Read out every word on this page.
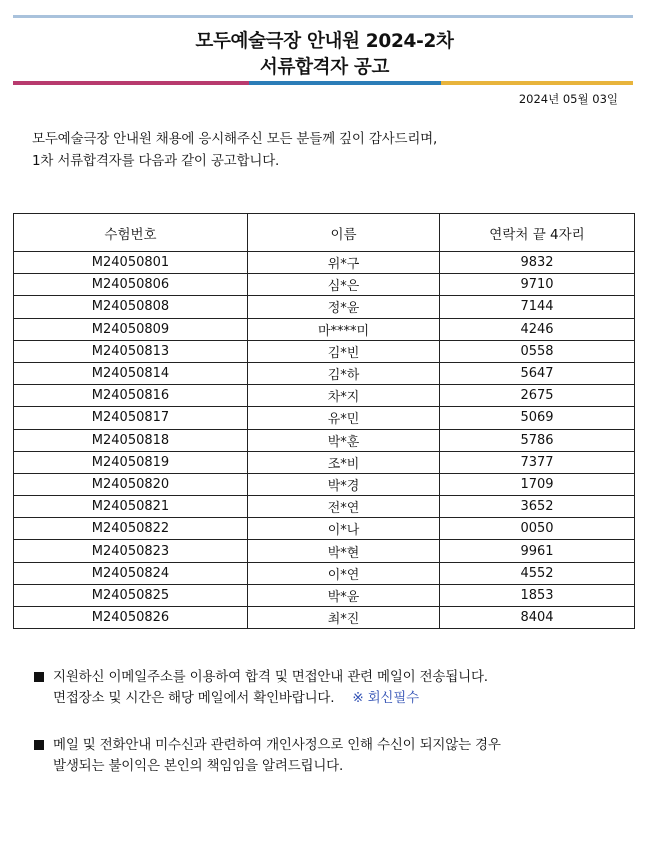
모두예술극장 안내원 2024-2차
서류합격자 공고
2024년 05월 03일
모두예술극장 안내원 채용에 응시해주신 모든 분들께 깊이 감사드리며,
1차 서류합격자를 다음과 같이 공고합니다.
수험번호	이름	연락처 끝 4자리
M24050801	위*구	9832
M24050806	심*은	9710
M24050808	정*윤	7144
M24050809	마****미	4246
M24050813	김*빈	0558
M24050814	김*하	5647
M24050816	차*지	2675
M24050817	유*민	5069
M24050818	박*훈	5786
M24050819	조*비	7377
M24050820	박*경	1709
M24050821	전*연	3652
M24050822	이*나	0050
M24050823	박*현	9961
M24050824	이*연	4552
M24050825	박*윤	1853
M24050826	최*진	8404
지원하신 이메일주소를 이용하여 합격 및 면접안내 관련 메일이 전송됩니다.
면접장소 및 시간은 해당 메일에서 확인바랍니다. ※ 회신필수
메일 및 전화안내 미수신과 관련하여 개인사정으로 인해 수신이 되지않는 경우
발생되는 불이익은 본인의 책임임을 알려드립니다.
